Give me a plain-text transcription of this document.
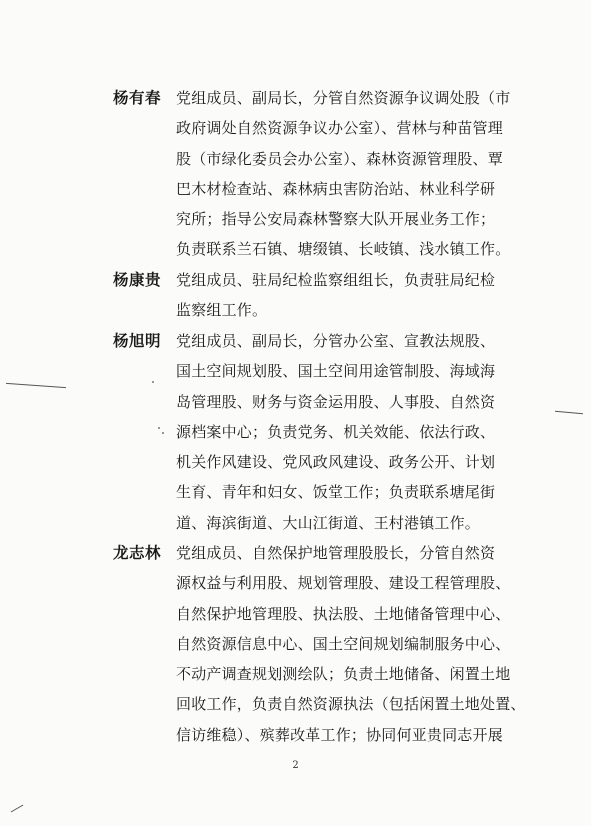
杨有春 党组成员、副局长，分管自然资源争议调处股（市
政府调处自然资源争议办公室）、营林与种苗管理
股（市绿化委员会办公室）、森林资源管理股、覃
巴木材检查站、森林病虫害防治站、林业科学研
究所；指导公安局森林警察大队开展业务工作；
负责联系兰石镇、塘缀镇、长岐镇、浅水镇工作。
杨康贵 党组成员、驻局纪检监察组组长，负责驻局纪检
监察组工作。
杨旭明 党组成员、副局长，分管办公室、宣教法规股、
国土空间规划股、国土空间用途管制股、海域海
岛管理股、财务与资金运用股、人事股、自然资
源档案中心；负责党务、机关效能、依法行政、
机关作风建设、党风政风建设、政务公开、计划
生育、青年和妇女、饭堂工作；负责联系塘尾街
道、海滨街道、大山江街道、王村港镇工作。
龙志林 党组成员、自然保护地管理股股长，分管自然资
源权益与利用股、规划管理股、建设工程管理股、
自然保护地管理股、执法股、土地储备管理中心、
自然资源信息中心、国土空间规划编制服务中心、
不动产调查规划测绘队；负责土地储备、闲置土地
回收工作，负责自然资源执法（包括闲置土地处置、
信访维稳）、殡葬改革工作；协同何亚贵同志开展
2
